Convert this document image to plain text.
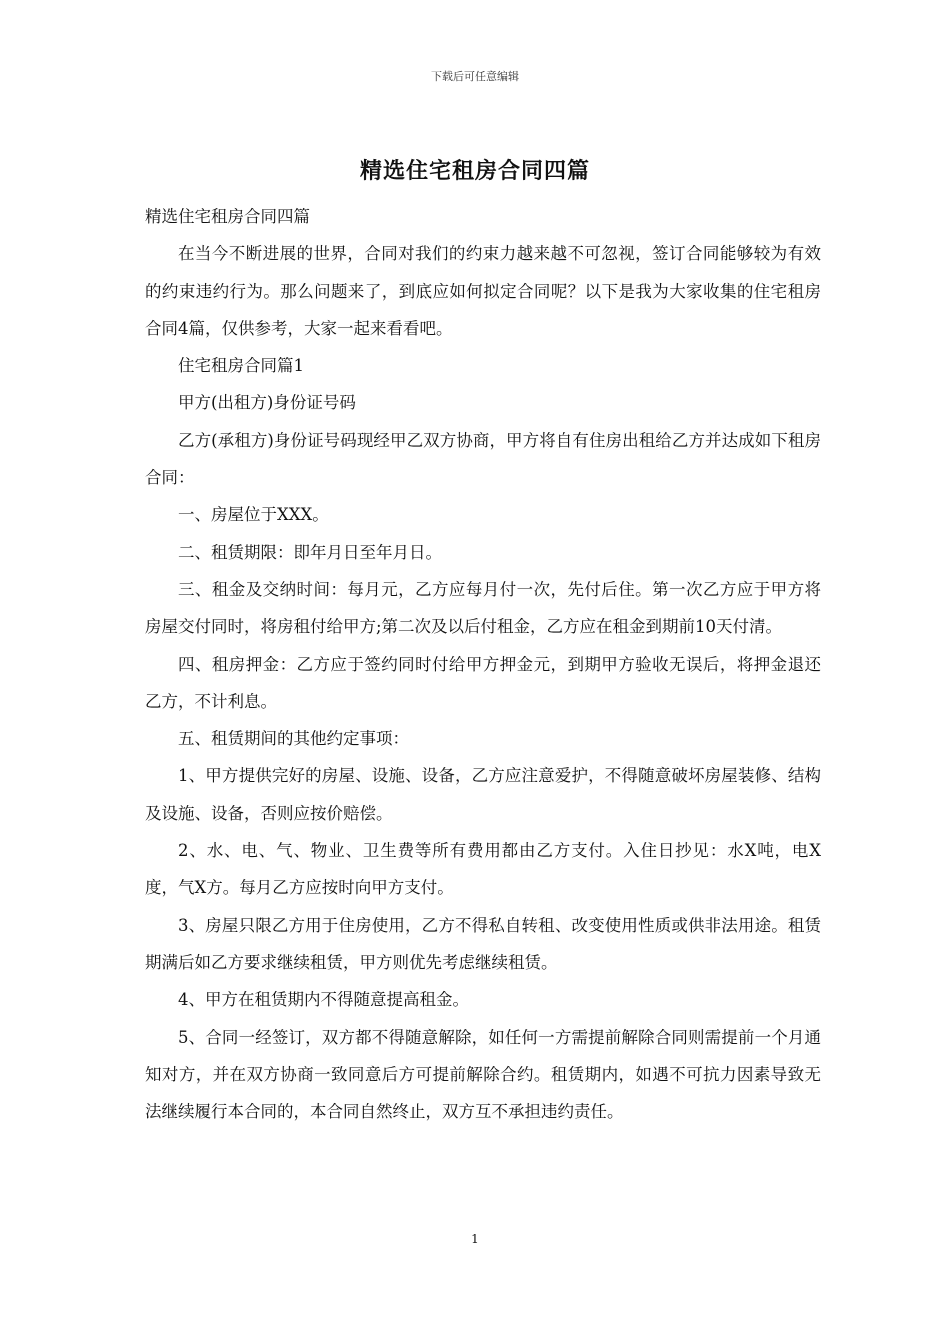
下载后可任意编辑
精选住宅租房合同四篇

精选住宅租房合同四篇

在当今不断进展的世界，合同对我们的约束力越来越不可忽视，签订合同能够较为有效的约束违约行为。那么问题来了，到底应如何拟定合同呢？以下是我为大家收集的住宅租房合同4篇，仅供参考，大家一起来看看吧。

住宅租房合同篇1

甲方(出租方)身份证号码

乙方(承租方)身份证号码现经甲乙双方协商，甲方将自有住房出租给乙方并达成如下租房合同：

一、房屋位于XXX。

二、租赁期限：即年月日至年月日。

三、租金及交纳时间：每月元，乙方应每月付一次，先付后住。第一次乙方应于甲方将房屋交付同时，将房租付给甲方;第二次及以后付租金，乙方应在租金到期前10天付清。

四、租房押金：乙方应于签约同时付给甲方押金元，到期甲方验收无误后，将押金退还乙方，不计利息。

五、租赁期间的其他约定事项：

1、甲方提供完好的房屋、设施、设备，乙方应注意爱护，不得随意破坏房屋装修、结构及设施、设备，否则应按价赔偿。

2、水、电、气、物业、卫生费等所有费用都由乙方支付。入住日抄见：水X吨，电X度，气X方。每月乙方应按时向甲方支付。

3、房屋只限乙方用于住房使用，乙方不得私自转租、改变使用性质或供非法用途。租赁期满后如乙方要求继续租赁，甲方则优先考虑继续租赁。

4、甲方在租赁期内不得随意提高租金。

5、合同一经签订，双方都不得随意解除，如任何一方需提前解除合同则需提前一个月通知对方，并在双方协商一致同意后方可提前解除合约。租赁期内，如遇不可抗力因素导致无法继续履行本合同的，本合同自然终止，双方互不承担违约责任。

1
